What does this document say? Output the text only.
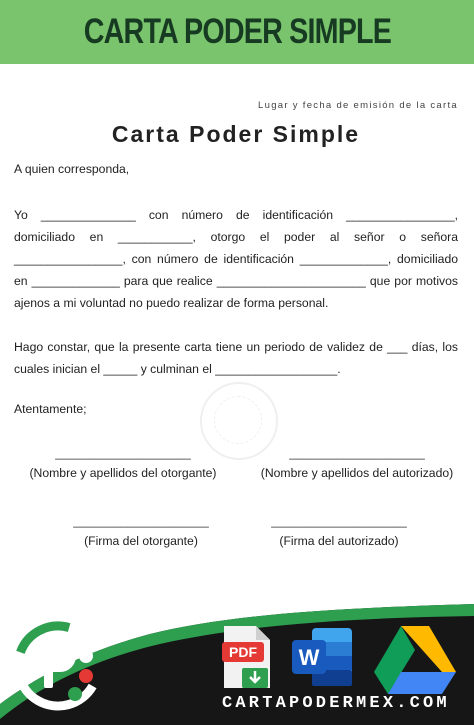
CARTA PODER SIMPLE
Lugar y fecha de emisión de la carta
Carta Poder Simple
A quien corresponda,
Yo ______________ con número de identificación ________________, domiciliado en ___________, otorgo el poder al señor o señora ________________, con número de identificación _____________, domiciliado en _____________ para que realice ______________________ que por motivos ajenos a mi voluntad no puedo realizar de forma personal.
Hago constar, que la presente carta tiene un periodo de validez de ___ días, los cuales inician el _____ y culminan el __________________.
Atentamente;
____________________
(Nombre y apellidos del otorgante)
____________________
(Nombre y apellidos del autorizado)
____________________
(Firma del otorgante)
____________________
(Firma del autorizado)
PDF W
CARTAPODERMEX.COM
